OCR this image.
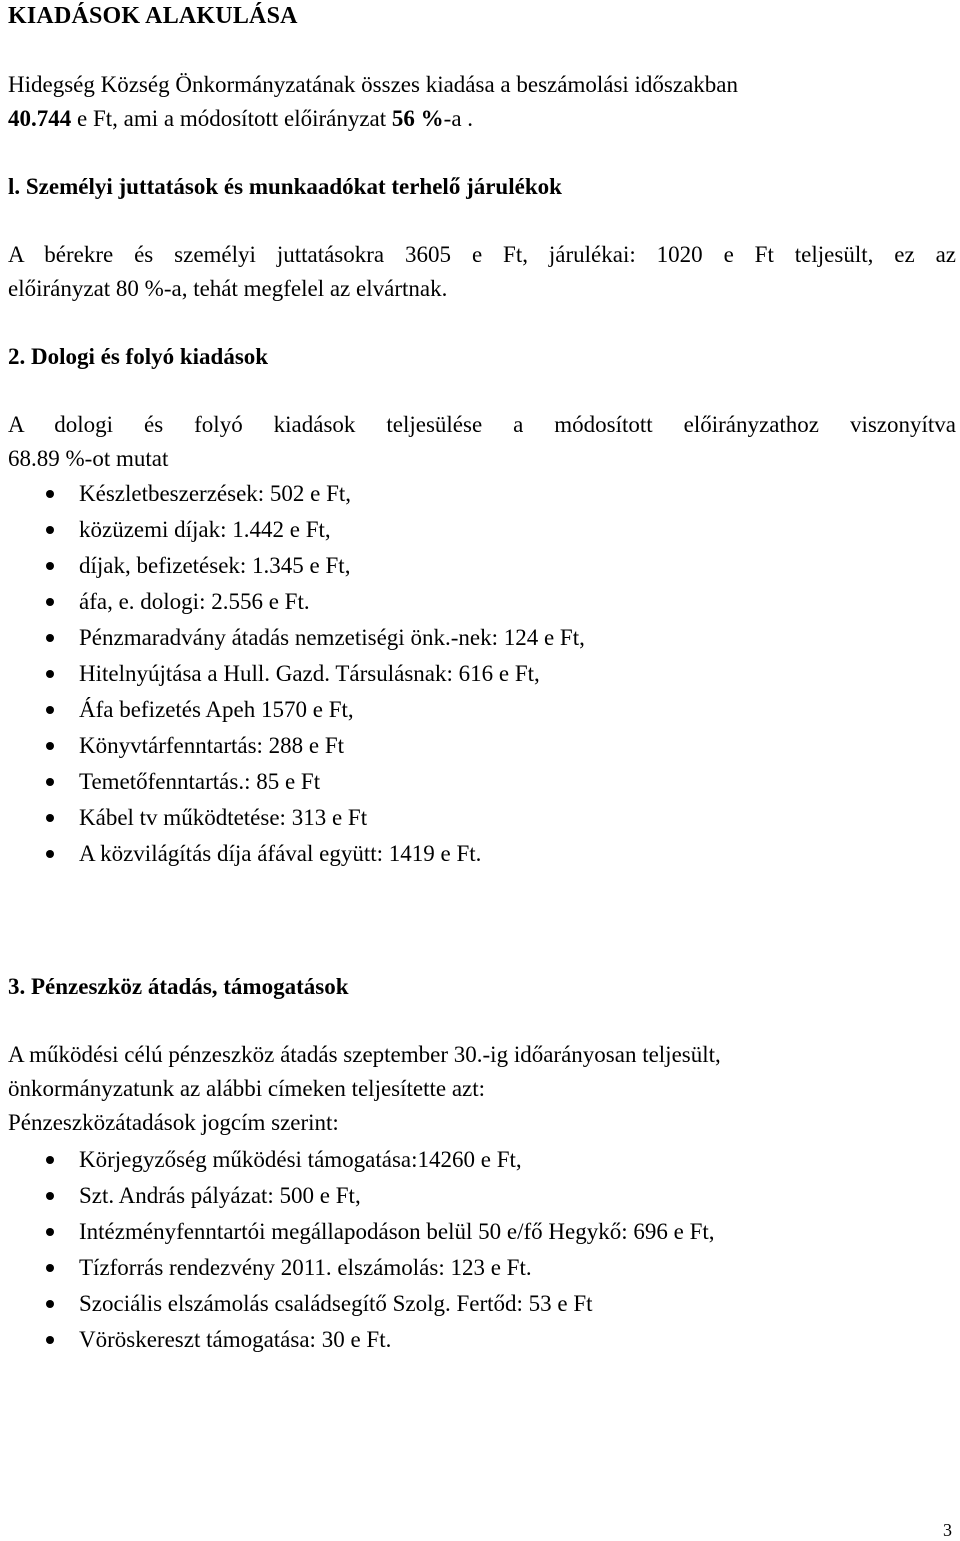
KIADÁSOK ALAKULÁSA
Hidegség Község Önkormányzatának összes kiadása a beszámolási időszakban
40.744 e Ft, ami a módosított előirányzat 56 %-a .
l. Személyi juttatások és munkaadókat terhelő járulékok
A bérekre és személyi juttatásokra 3605 e Ft, járulékai: 1020 e Ft teljesült, ez az
előirányzat 80 %-a, tehát megfelel az elvártnak.
2. Dologi és folyó kiadások
A dologi és folyó kiadások teljesülése a módosított előirányzathoz viszonyítva
68.89 %-ot mutat
Készletbeszerzések: 502 e Ft,
közüzemi díjak: 1.442 e Ft,
díjak, befizetések: 1.345 e Ft,
áfa, e. dologi: 2.556 e Ft.
Pénzmaradvány átadás nemzetiségi önk.-nek: 124 e Ft,
Hitelnyújtása a Hull. Gazd. Társulásnak: 616 e Ft,
Áfa befizetés Apeh 1570 e Ft,
Könyvtárfenntartás: 288 e Ft
Temetőfenntartás.: 85 e Ft
Kábel tv működtetése: 313 e Ft
A közvilágítás díja áfával együtt: 1419 e Ft.
3. Pénzeszköz átadás, támogatások
A működési célú pénzeszköz átadás szeptember 30.-ig időarányosan teljesült,
önkormányzatunk az alábbi címeken teljesítette azt:
Pénzeszközátadások jogcím szerint:
Körjegyzőség működési támogatása:14260 e Ft,
Szt. András pályázat: 500 e Ft,
Intézményfenntartói megállapodáson belül 50 e/fő Hegykő: 696 e Ft,
Tízforrás rendezvény 2011. elszámolás: 123 e Ft.
Szociális elszámolás családsegítő Szolg. Fertőd: 53 e Ft
Vöröskereszt támogatása: 30 e Ft.
3
